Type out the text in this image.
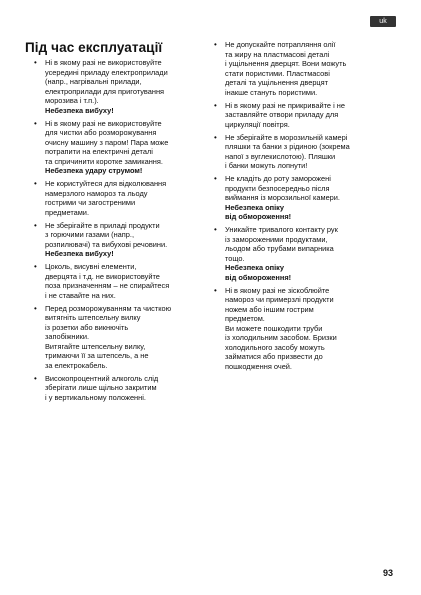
uk
Під час експлуатації
• Ні в якому разі не використовуйте
усередині приладу електроприлади
(напр., нагрівальні прилади,
електроприлади для приготування
морозива і т.п.).
Небезпека вибуху!
• Ні в якому разі не використовуйте
для чистки або розморожування
очисну машину з паром! Пара може
потрапити на електричні деталі
та спричинити коротке замикання.
Небезпека удару струмом!
• Не користуйтеся для відколювання
намерзлого намороз та льоду
гострими чи загостреними
предметами.
• Не зберігайте в приладі продукти
з горючими газами (напр.,
розпилювачі) та вибухові речовини.
Небезпека вибуху!
• Цоколь, висувні елементи,
дверцята і т.д. не використовуйте
поза призначенням – не спирайтеся
і не ставайте на них.
• Перед розморожуванням та чисткою
витягніть штепсельну вилку
із розетки або викнючіть
запобіжники.
Витягайте штепсельну вилку,
тримаючи її за штепсель, а не
за електрокабель.
• Високопроцентний алкоголь слід
зберігати лише щільно закритим
і у вертикальному положенні.
• Не допускайте потрапляння олії
та жиру на пластмасові деталі
і ущільнення дверцят. Вони можуть
стати пористими. Пластмасові
деталі та ущільнення дверцят
інакше стануть пористими.
• Ні в якому разі не прикривайте і не
заставляйте отвори приладу для
циркуляції повітря.
• Не зберігайте в морозильній камері
пляшки та банки з рідиною (зокрема
напої з вуглекислотою). Пляшки
і банки можуть лопнути!
• Не кладіть до роту заморожені
продукти безпосередньо після
виймання із морозильної камери.
Небезпека опіку
від обмороження!
• Уникайте тривалого контакту рук
із замороженими продуктами,
льодом або трубами випарника
тощо.
Небезпека опіку
від обмороження!
• Ні в якому разі не зіскоблюйте
намороз чи примерзлі продукти
ножем або іншим гострим
предметом.
Ви можете пошкодити труби
із холодильним засобом. Бризки
холодильного засобу можуть
займатися або призвести до
пошкодження очей.
93
